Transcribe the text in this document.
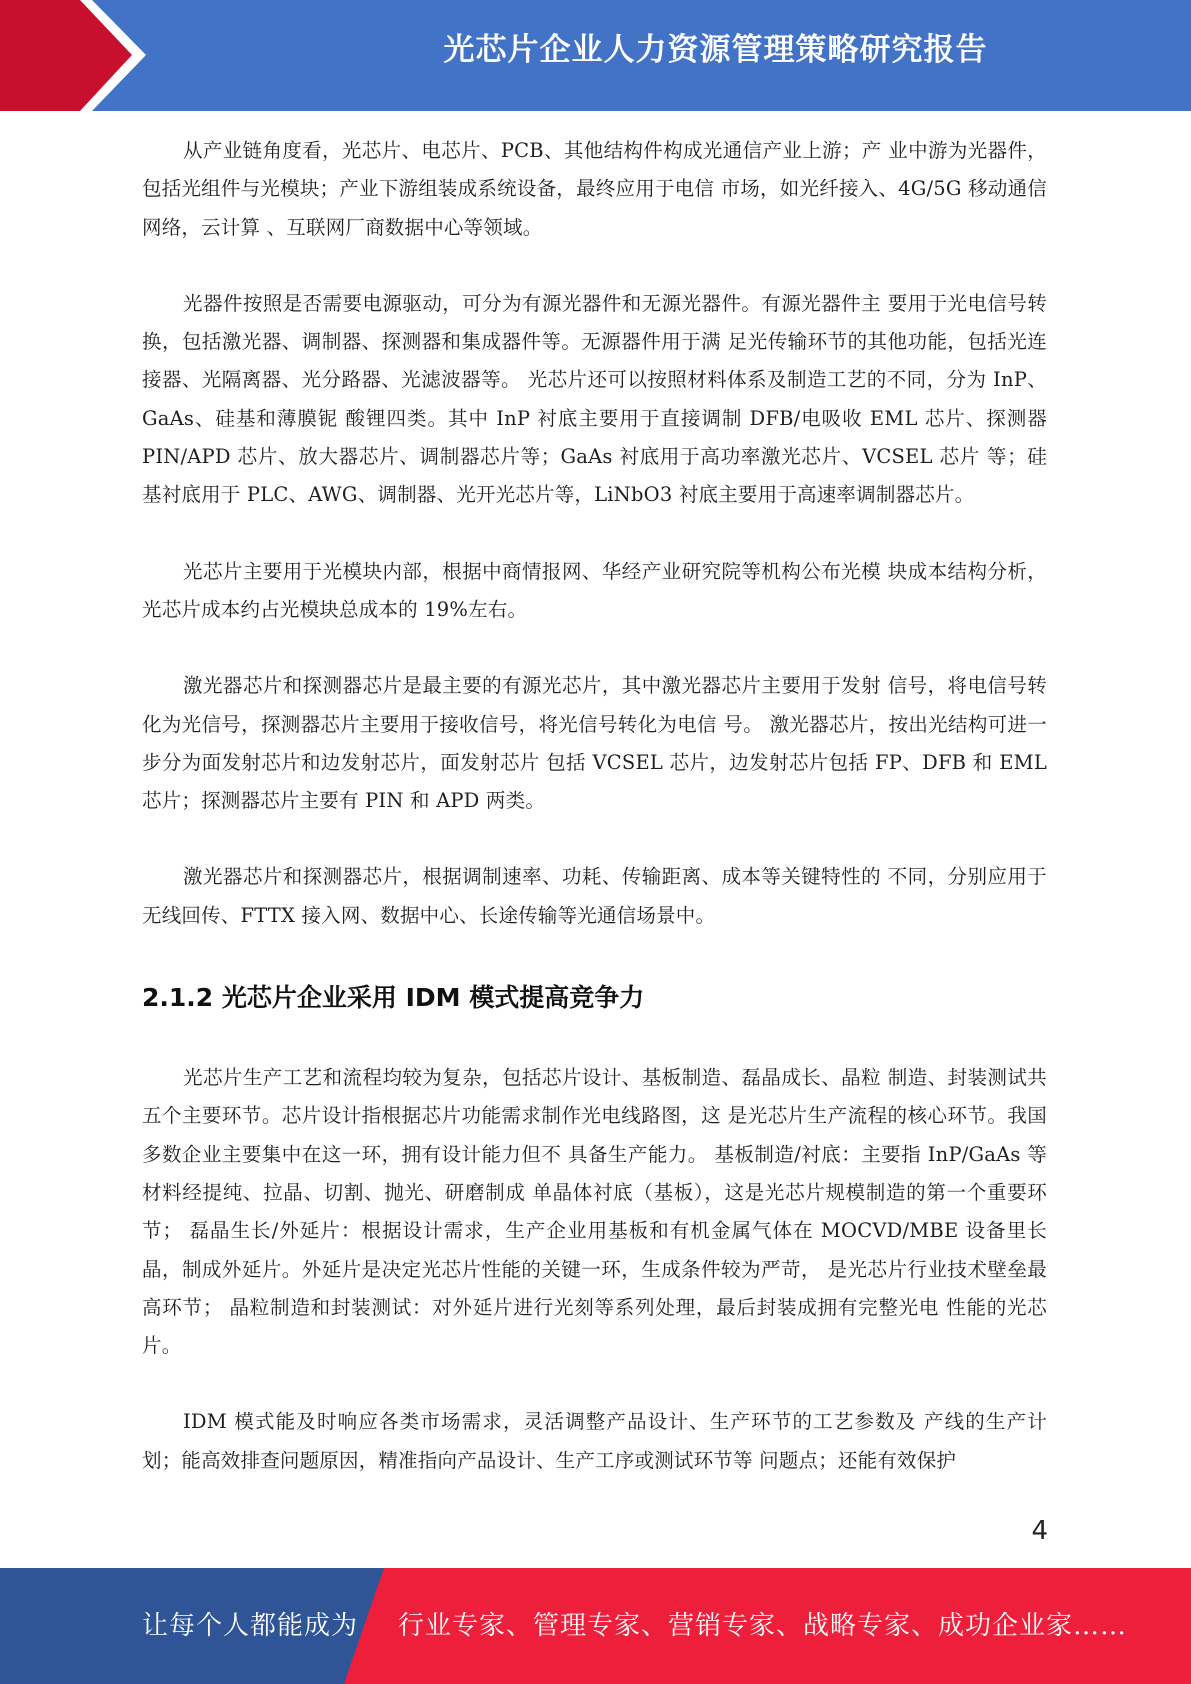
光芯片企业人力资源管理策略研究报告

从产业链角度看，光芯片、电芯片、PCB、其他结构件构成光通信产业上游；产 业中游为光器件，包括光组件与光模块；产业下游组装成系统设备，最终应用于电信 市场，如光纤接入、4G/5G 移动通信网络，云计算 、互联网厂商数据中心等领域。

光器件按照是否需要电源驱动，可分为有源光器件和无源光器件。有源光器件主 要用于光电信号转换，包括激光器、调制器、探测器和集成器件等。无源器件用于满 足光传输环节的其他功能，包括光连接器、光隔离器、光分路器、光滤波器等。 光芯片还可以按照材料体系及制造工艺的不同，分为 InP、GaAs、硅基和薄膜铌 酸锂四类。其中 InP 衬底主要用于直接调制 DFB/电吸收 EML 芯片、探测器 PIN/APD 芯片、放大器芯片、调制器芯片等；GaAs 衬底用于高功率激光芯片、VCSEL 芯片 等；硅基衬底用于 PLC、AWG、调制器、光开光芯片等，LiNbO3 衬底主要用于高速率调制器芯片。

光芯片主要用于光模块内部，根据中商情报网、华经产业研究院等机构公布光模 块成本结构分析，光芯片成本约占光模块总成本的 19%左右。

激光器芯片和探测器芯片是最主要的有源光芯片，其中激光器芯片主要用于发射 信号，将电信号转化为光信号，探测器芯片主要用于接收信号，将光信号转化为电信 号。 激光器芯片，按出光结构可进一步分为面发射芯片和边发射芯片，面发射芯片 包括 VCSEL 芯片，边发射芯片包括 FP、DFB 和 EML 芯片；探测器芯片主要有 PIN 和 APD 两类。

激光器芯片和探测器芯片，根据调制速率、功耗、传输距离、成本等关键特性的 不同，分别应用于无线回传、FTTX 接入网、数据中心、长途传输等光通信场景中。

2.1.2 光芯片企业采用 IDM 模式提高竞争力

光芯片生产工艺和流程均较为复杂，包括芯片设计、基板制造、磊晶成长、晶粒 制造、封装测试共五个主要环节。芯片设计指根据芯片功能需求制作光电线路图，这 是光芯片生产流程的核心环节。我国多数企业主要集中在这一环，拥有设计能力但不 具备生产能力。 基板制造/衬底：主要指 InP/GaAs 等材料经提纯、拉晶、切割、抛光、研磨制成 单晶体衬底（基板），这是光芯片规模制造的第一个重要环节； 磊晶生长/外延片：根据设计需求，生产企业用基板和有机金属气体在 MOCVD/MBE 设备里长晶，制成外延片。外延片是决定光芯片性能的关键一环，生成条件较为严苛， 是光芯片行业技术壁垒最高环节； 晶粒制造和封装测试：对外延片进行光刻等系列处理，最后封装成拥有完整光电 性能的光芯片。

IDM 模式能及时响应各类市场需求，灵活调整产品设计、生产环节的工艺参数及 产线的生产计划；能高效排查问题原因，精准指向产品设计、生产工序或测试环节等 问题点；还能有效保护

4
让每个人都能成为 行业专家、管理专家、营销专家、战略专家、成功企业家……
